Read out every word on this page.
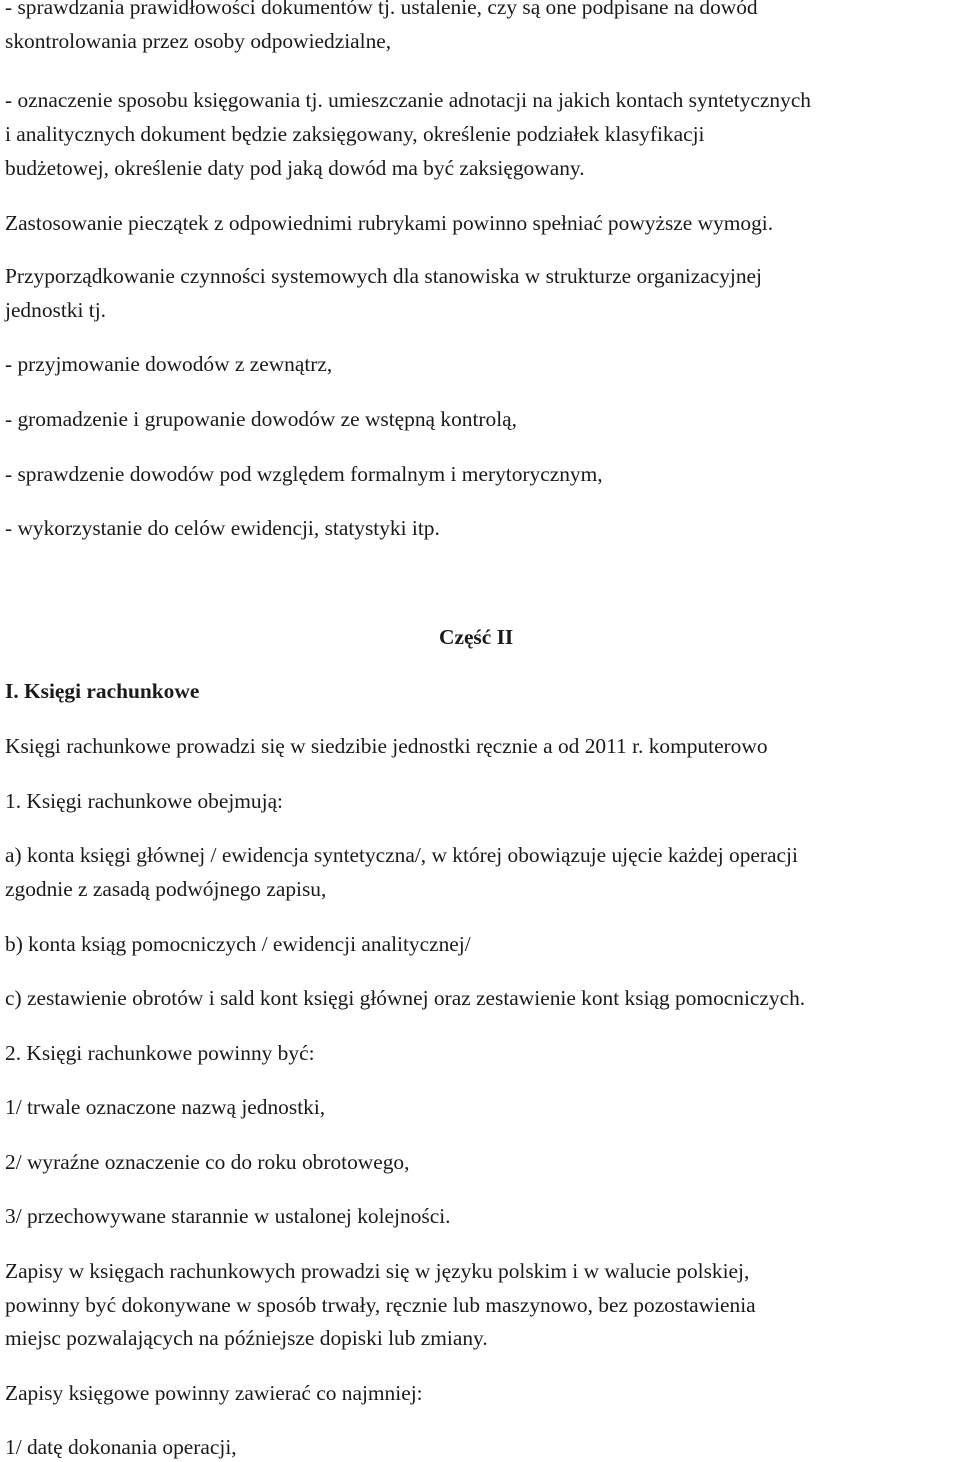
- sprawdzania prawidłowości dokumentów tj. ustalenie, czy są one podpisane na dowód
skontrolowania przez osoby odpowiedzialne,
- oznaczenie sposobu księgowania tj. umieszczanie adnotacji na jakich kontach syntetycznych
i analitycznych dokument będzie zaksięgowany, określenie podziałek klasyfikacji
budżetowej, określenie daty pod jaką dowód ma być zaksięgowany.
Zastosowanie pieczątek z odpowiednimi rubrykami powinno spełniać powyższe wymogi.
Przyporządkowanie czynności systemowych dla stanowiska w strukturze organizacyjnej
jednostki tj.
- przyjmowanie dowodów z zewnątrz,
- gromadzenie i grupowanie dowodów ze wstępną kontrolą,
- sprawdzenie dowodów pod względem formalnym i merytorycznym,
- wykorzystanie do celów ewidencji, statystyki itp.
Część II
I. Księgi rachunkowe
Księgi rachunkowe prowadzi się w siedzibie jednostki ręcznie a od 2011 r. komputerowo
1. Księgi rachunkowe obejmują:
a) konta księgi głównej / ewidencja syntetyczna/, w której obowiązuje ujęcie każdej operacji
zgodnie z zasadą podwójnego zapisu,
b) konta ksiąg pomocniczych / ewidencji analitycznej/
c) zestawienie obrotów i sald kont księgi głównej oraz zestawienie kont ksiąg pomocniczych.
2. Księgi rachunkowe powinny być:
1/ trwale oznaczone nazwą jednostki,
2/ wyraźne oznaczenie co do roku obrotowego,
3/ przechowywane starannie w ustalonej kolejności.
Zapisy w księgach rachunkowych prowadzi się w języku polskim i w walucie polskiej,
powinny być dokonywane w sposób trwały, ręcznie lub maszynowo, bez pozostawienia
miejsc pozwalających na późniejsze dopiski lub zmiany.
Zapisy księgowe powinny zawierać co najmniej:
1/ datę dokonania operacji,
